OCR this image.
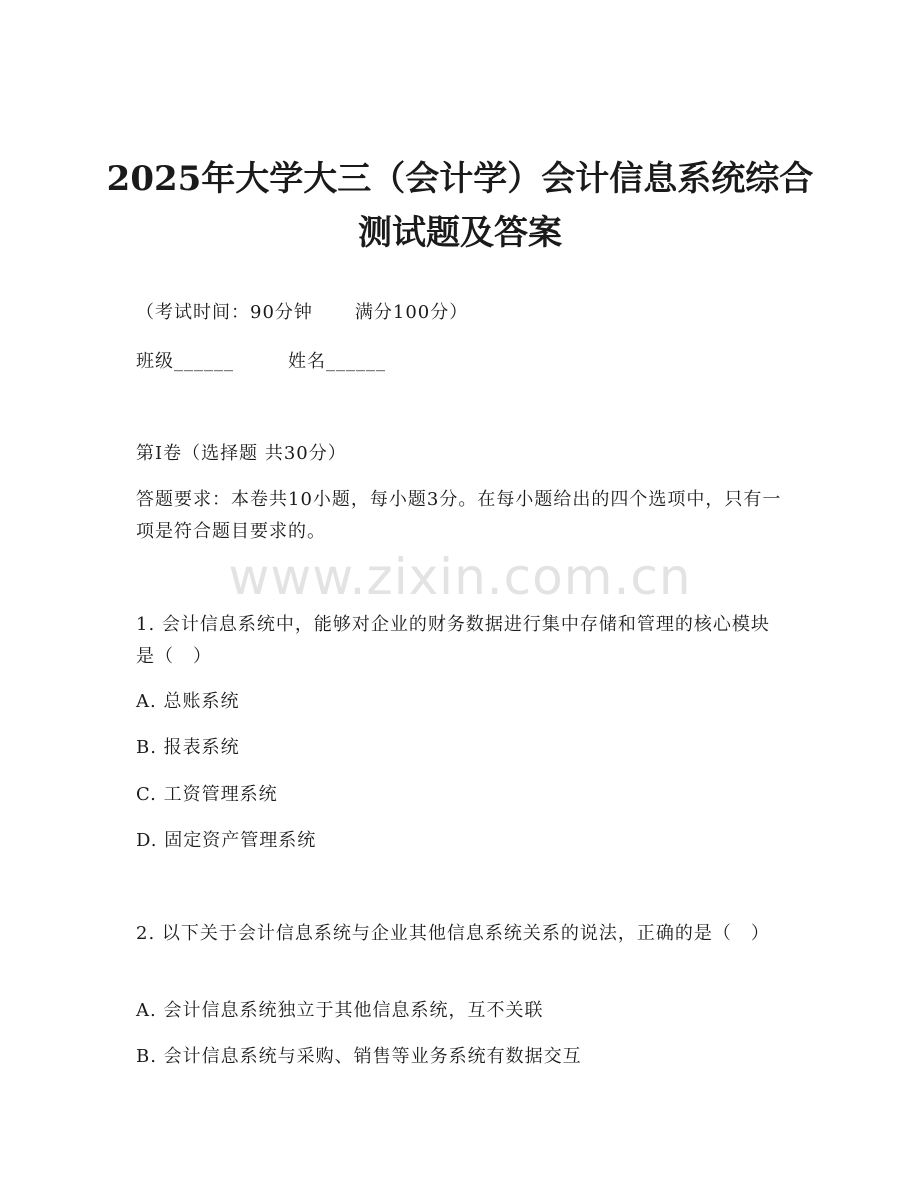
2025年大学大三（会计学）会计信息系统综合测试题及答案
（考试时间：90分钟 满分100分）
班级______	姓名______
第Ⅰ卷（选择题 共30分）
答题要求：本卷共10小题，每小题3分。在每小题给出的四个选项中，只有一项是符合题目要求的。
www.zixin.com.cn
1. 会计信息系统中，能够对企业的财务数据进行集中存储和管理的核心模块是（　）
A. 总账系统
B. 报表系统
C. 工资管理系统
D. 固定资产管理系统
2. 以下关于会计信息系统与企业其他信息系统关系的说法，正确的是（　）
A. 会计信息系统独立于其他信息系统，互不关联
B. 会计信息系统与采购、销售等业务系统有数据交互
